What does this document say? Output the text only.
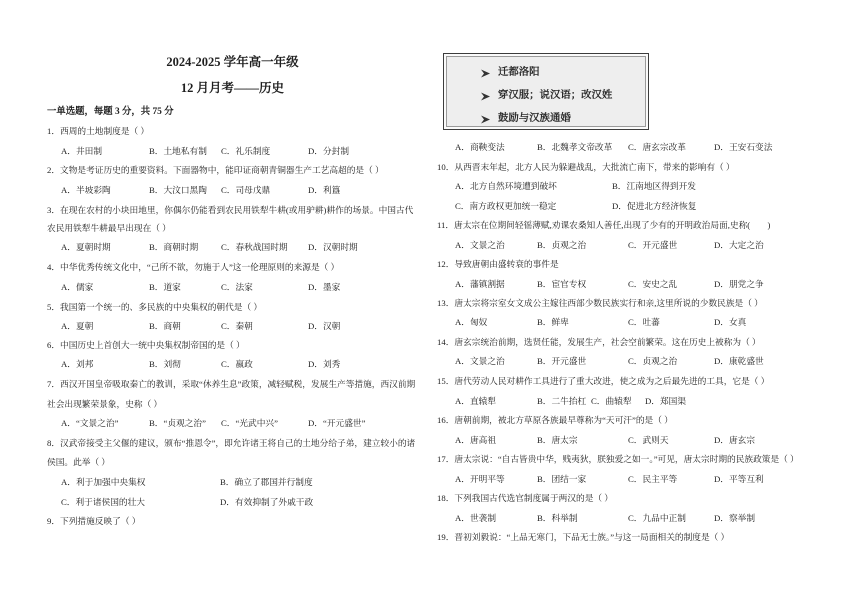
2024-2025 学年高一年级
12 月月考——历史
一单选题，每题 3 分，共 75 分
1．西周的土地制度是（ ）
A．井田制	B．土地私有制 C．礼乐制度	D．分封制
2．文物是考证历史的重要资料。下面器物中，能印证商朝青铜器生产工艺高超的是（ ）
A．半坡彩陶	B．大汶口黑陶 C．司母戊鼎	D．利簋
3．在现在农村的小块田地里，你偶尔仍能看到农民用铁犁牛耕(或用驴耕)耕作的场景。中国古代
农民用铁犁牛耕最早出现在（ ）
A．夏朝时期	B．商朝时期	C．春秋战国时期 D．汉朝时期
4．中华优秀传统文化中，“己所不欲，勿施于人”这一伦理原则的来源是（ ）
A．儒家	B．道家	C．法家	D．墨家
5．我国第一个统一的、多民族的中央集权的朝代是（ ）
A．夏朝	B．商朝	C．秦朝	D．汉朝
6．中国历史上首创大一统中央集权制帝国的是（ ）
A．刘邦	B．刘彻	C．嬴政	D．刘秀
7．西汉开国皇帝吸取秦亡的教训，采取“休养生息”政策，减轻赋税，发展生产等措施，西汉前期
社会出现繁荣景象，史称（ ）
A．“文景之治”	B．“贞观之治” C．“光武中兴”	D．“开元盛世”
8．汉武帝接受主父偃的建议，颁布“推恩令”，即允许诸王将自己的土地分给子弟，建立较小的诸
侯国。此举（ ）
A．利于加强中央集权	B．确立了郡国并行制度
C．利于诸侯国的壮大	D．有效抑制了外戚干政
9．下列措施反映了（ ）
迁都洛阳
穿汉服；说汉语；改汉姓
鼓励与汉族通婚
A．商鞅变法	B．北魏孝文帝改革 C．唐玄宗改革	D．王安石变法
10．从西晋末年起，北方人民为躲避战乱，大批流亡南下，带来的影响有（ ）
A．北方自然环境遭到破坏	B．江南地区得到开发
C．南方政权更加统一稳定	D．促进北方经济恢复
11．唐太宗在位期间轻徭薄赋,劝课农桑知人善任,出现了少有的开明政治局面,史称(　　)
A．文景之治	B．贞观之治	C．开元盛世	D．大定之治
12．导致唐朝由盛转衰的事件是
A．藩镇割据	B．宦官专权	C．安史之乱	D．朋党之争
13．唐太宗将宗室女文成公主嫁往西部少数民族实行和亲,这里所说的少数民族是（ ）
A．匈奴	B．鲜卑	C．吐蕃	D．女真
14．唐玄宗统治前期，选贤任能，发展生产，社会空前繁荣。这在历史上被称为（ ）
A．文景之治	B．开元盛世	C．贞观之治	D．康乾盛世
15．唐代劳动人民对耕作工具进行了重大改进，使之成为之后最先进的工具，它是（ ）
A．直辕犁	B．二牛抬杠 C．曲辕犁 D．郑国渠
16．唐朝前期，被北方草原各族最早尊称为“天可汗”的是（ ）
A．唐高祖	B．唐太宗	C．武则天	D．唐玄宗
17．唐太宗说：“自古皆贵中华，贱夷狄，朕独爱之如一。”可见，唐太宗时期的民族政策是（ ）
A．开明平等	B．团结一家	C．民主平等	D．平等互利
18．下列我国古代选官制度属于两汉的是（ ）
A．世袭制	B．科举制	C．九品中正制	D．察举制
19．晋初刘毅说：“上品无寒门，下品无士族。”与这一局面相关的制度是（ ）
